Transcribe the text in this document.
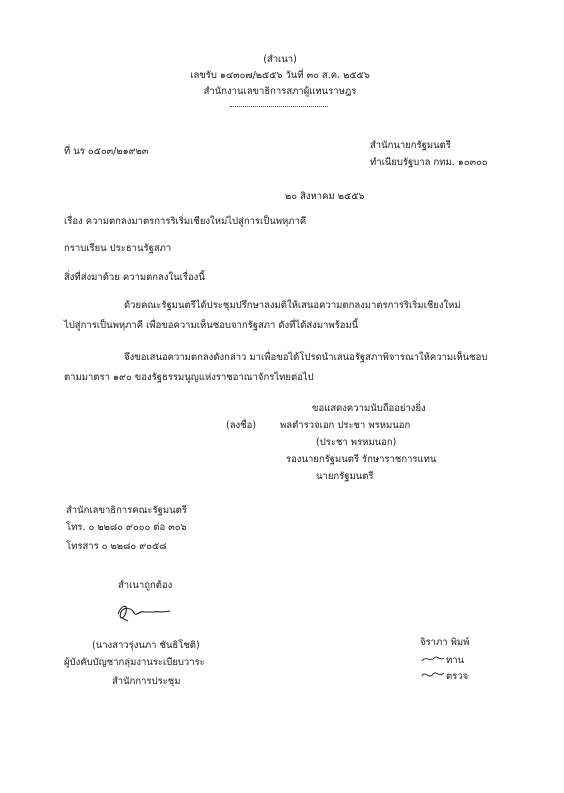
(สำเนา)
เลขรับ ๑๔๓๐๗/๒๕๕๖ วันที่ ๓๐ ส.ค. ๒๕๕๖
สำนักงานเลขาธิการสภาผู้แทนราษฎร
ที่ นร ๐๕๐๓/๒๑๙๒๓
สำนักนายกรัฐมนตรี
ทำเนียบรัฐบาล กทม. ๑๐๓๐๐
๒๐ สิงหาคม ๒๕๕๖
เรื่อง ความตกลงมาตรการริเริ่มเชียงใหม่ไปสู่การเป็นพหุภาคี
กราบเรียน ประธานรัฐสภา
สิ่งที่ส่งมาด้วย ความตกลงในเรื่องนี้
ด้วยคณะรัฐมนตรีได้ประชุมปรึกษาลงมติให้เสนอความตกลงมาตรการริเริ่มเชียงใหม่
ไปสู่การเป็นพหุภาคี เพื่อขอความเห็นชอบจากรัฐสภา ดังที่ได้ส่งมาพร้อมนี้
จึงขอเสนอความตกลงดังกล่าว มาเพื่อขอได้โปรดนำเสนอรัฐสภาพิจารณาให้ความเห็นชอบ
ตามมาตรา ๑๙๐ ของรัฐธรรมนูญแห่งราชอาณาจักรไทยต่อไป
ขอแสดงความนับถืออย่างยิ่ง
(ลงชื่อ)	พลตำรวจเอก ประชา พรหมนอก
(ประชา พรหมนอก)
รองนายกรัฐมนตรี รักษาราชการแทน
นายกรัฐมนตรี
สำนักเลขาธิการคณะรัฐมนตรี
โทร. ๐ ๒๒๘๐ ๙๐๐๐ ต่อ ๓๐๖
โทรสาร ๐ ๒๒๘๐ ๙๐๕๘
สำเนาถูกต้อง
(นางสาวรุ่งนภา ชันธิโชติ)
ผู้บังคับบัญชากลุ่มงานระเบียบวาระ
สำนักการประชุม
จิราภา พิมพ์
ทาน
ตรวจ
